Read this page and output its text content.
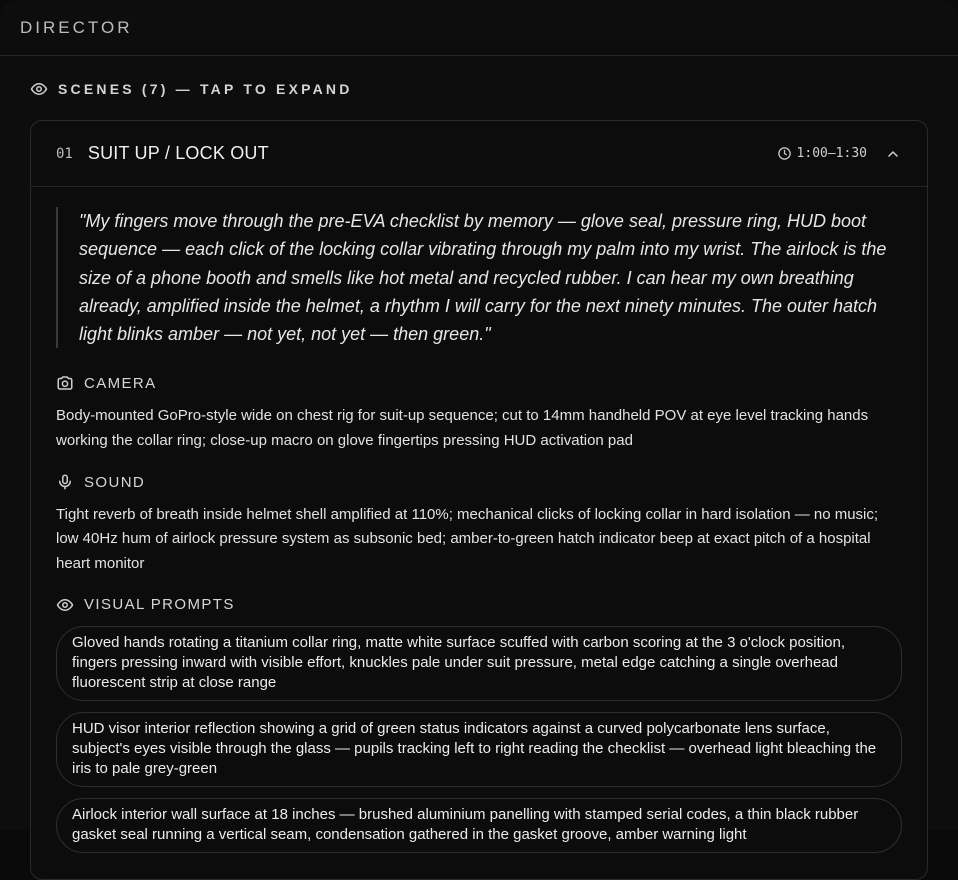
DIRECTOR
SCENES (7) — TAP TO EXPAND
01 SUIT UP / LOCK OUT	1:00–1:30
"My fingers move through the pre-EVA checklist by memory — glove seal, pressure ring, HUD boot sequence — each click of the locking collar vibrating through my palm into my wrist. The airlock is the size of a phone booth and smells like hot metal and recycled rubber. I can hear my own breathing already, amplified inside the helmet, a rhythm I will carry for the next ninety minutes. The outer hatch light blinks amber — not yet, not yet — then green."
CAMERA
Body-mounted GoPro-style wide on chest rig for suit-up sequence; cut to 14mm handheld POV at eye level tracking hands working the collar ring; close-up macro on glove fingertips pressing HUD activation pad
SOUND
Tight reverb of breath inside helmet shell amplified at 110%; mechanical clicks of locking collar in hard isolation — no music; low 40Hz hum of airlock pressure system as subsonic bed; amber-to-green hatch indicator beep at exact pitch of a hospital heart monitor
VISUAL PROMPTS
Gloved hands rotating a titanium collar ring, matte white surface scuffed with carbon scoring at the 3 o'clock position, fingers pressing inward with visible effort, knuckles pale under suit pressure, metal edge catching a single overhead fluorescent strip at close range
HUD visor interior reflection showing a grid of green status indicators against a curved polycarbonate lens surface, subject's eyes visible through the glass — pupils tracking left to right reading the checklist — overhead light bleaching the iris to pale grey-green
Airlock interior wall surface at 18 inches — brushed aluminium panelling with stamped serial codes, a thin black rubber gasket seal running a vertical seam, condensation gathered in the gasket groove, amber warning light
